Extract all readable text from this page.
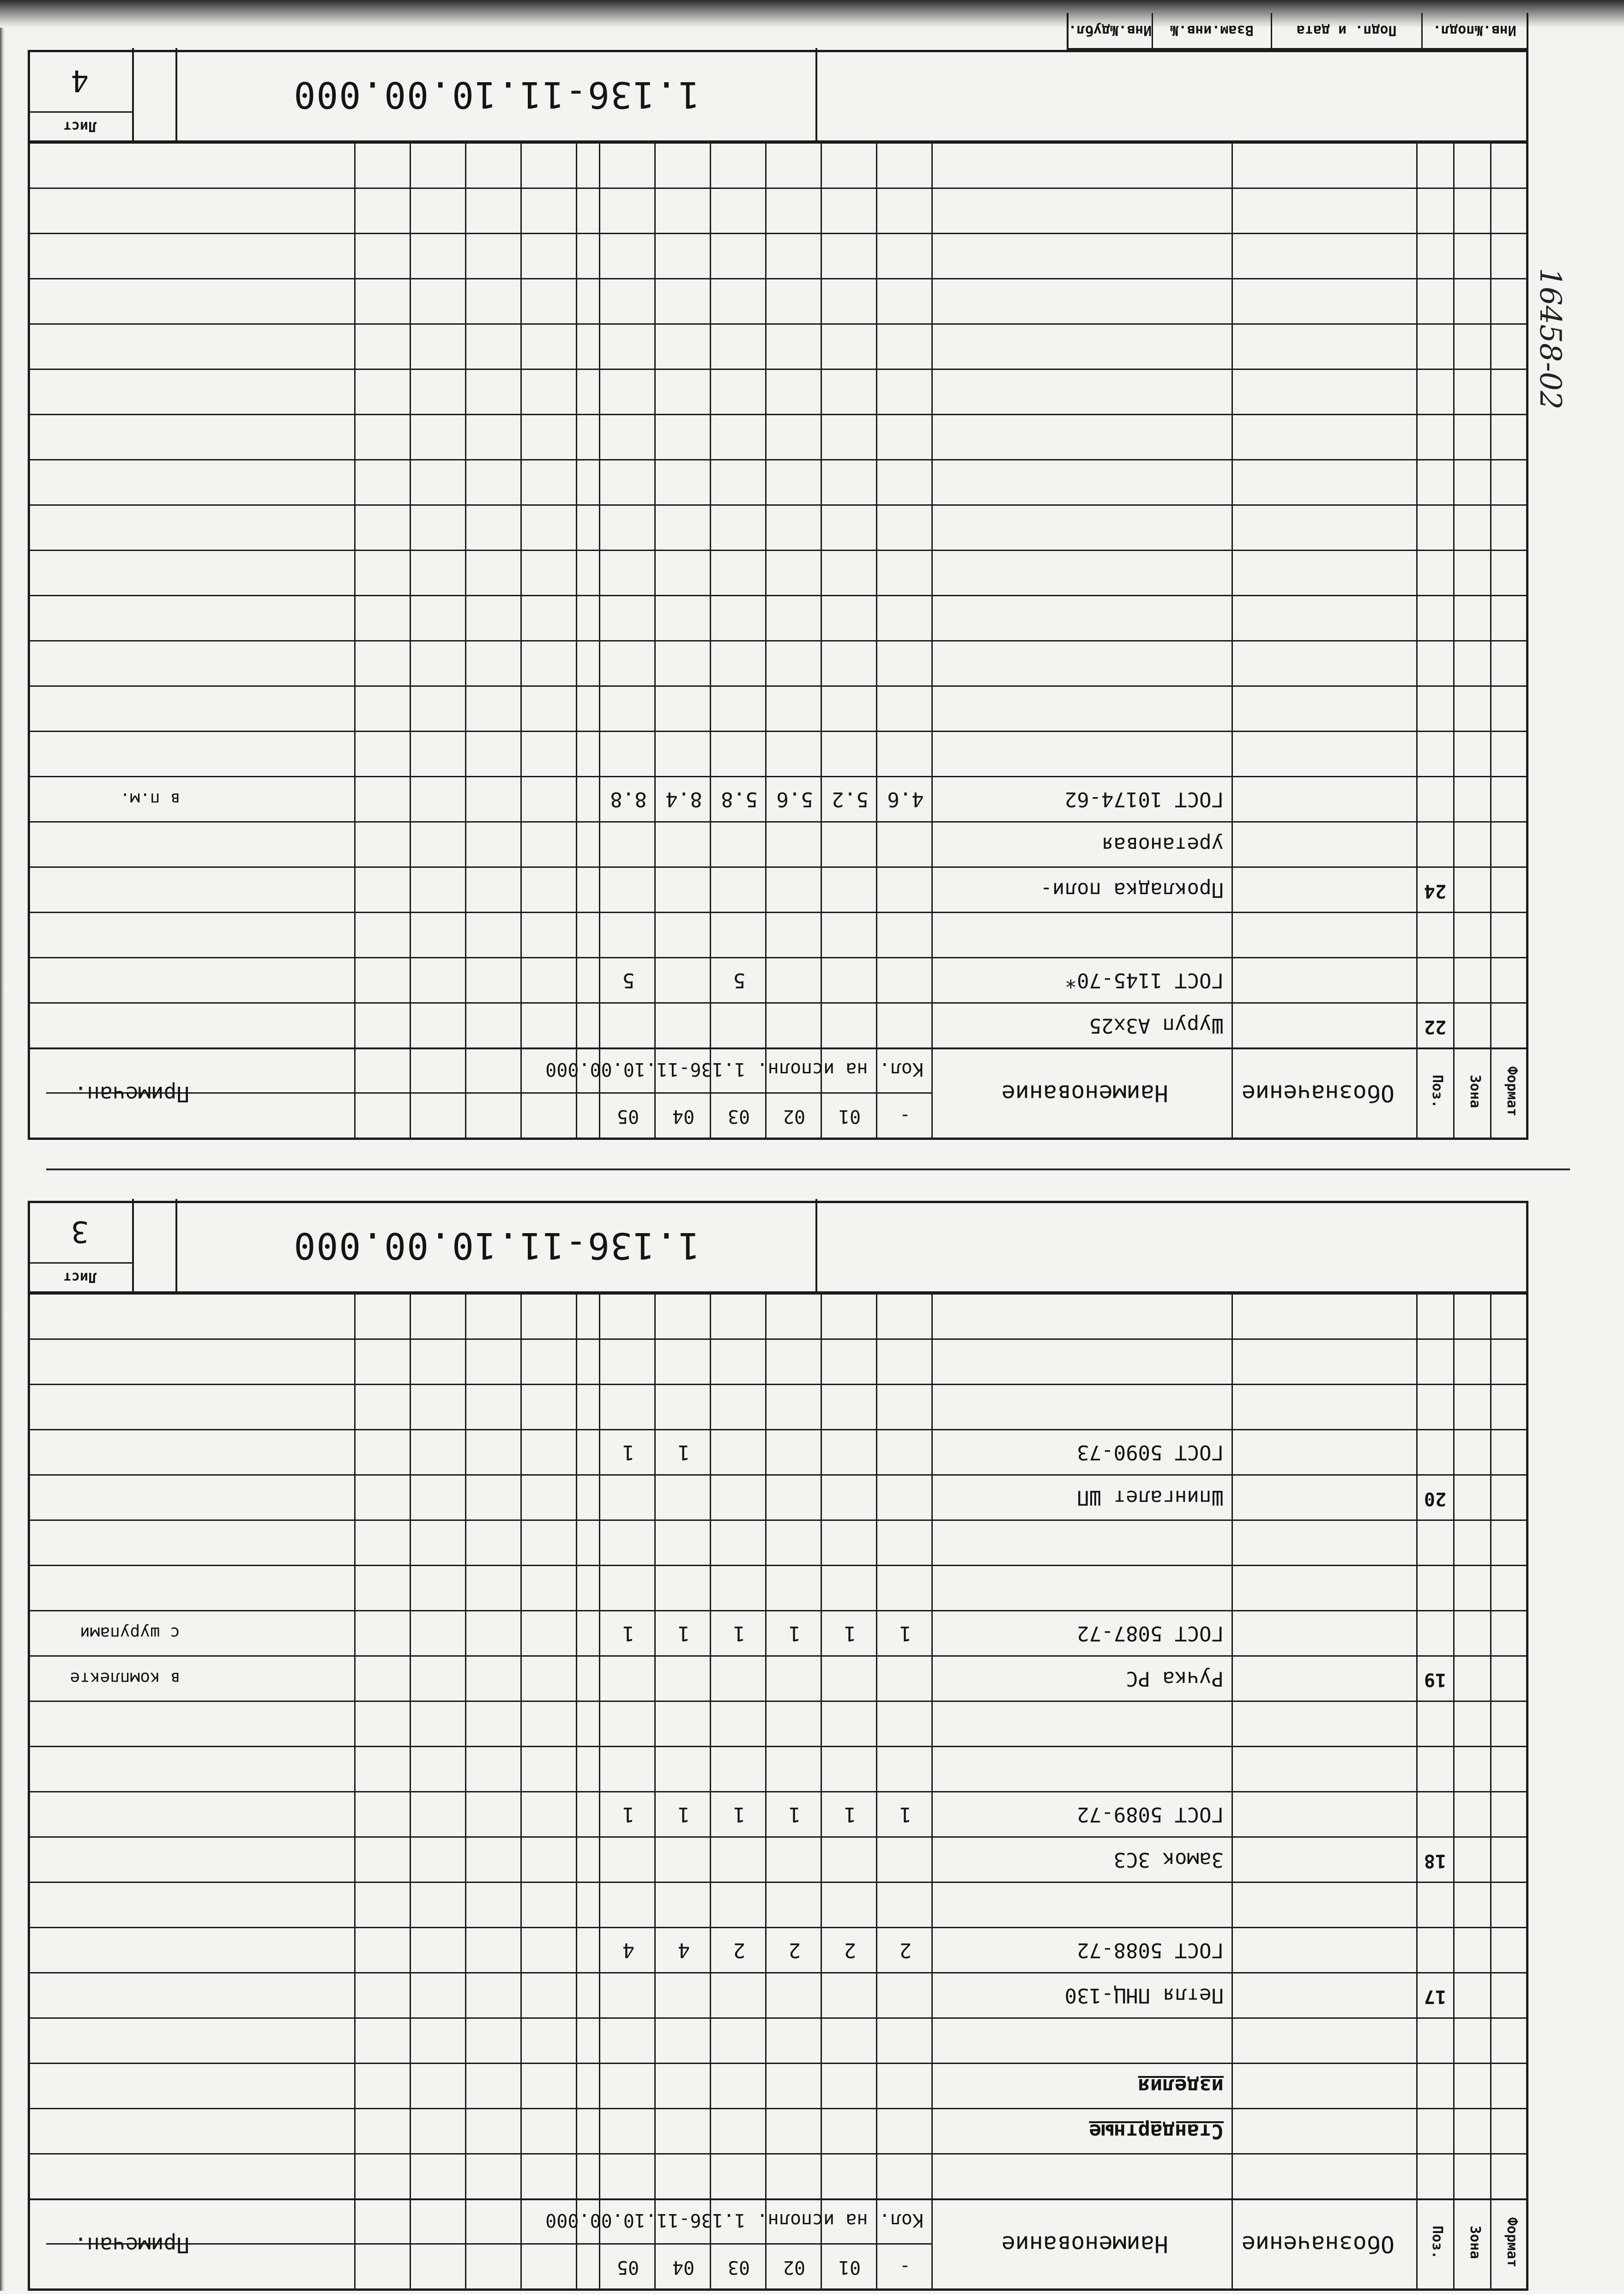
16458-02
Формат
Зона
Поз.
Обозначение
Наименование
Кол. на исполн. 1.136-11.10.00.000
-
01
02
03
04
05
Примечан.
22
Шуруп А3х25
ГОСТ 1145-70*
5
5
24
Прокладка поли-
уретановая
ГОСТ 10174-62
4.6
5.2
5.6
5.8
8.4
8.8
в п.м.
1.136-11.10.00.000
Лист
4
Инв.№подл.
Подп. и дата
Взам.инв.№
Инв.№дубл.
Формат
Зона
Поз.
Обозначение
Наименование
Кол. на исполн. 1.136-11.10.00.000
-
01
02
03
04
05
Примечан.
Стандартные
изделия
17
Петля ПНЦ-130
ГОСТ 5088-72
2
2
2
2
4
4
18
Замок ЗС3
ГОСТ 5089-72
1
1
1
1
1
1
19
Ручка РС
в комплекте
ГОСТ 5087-72
1
1
1
1
1
1
с шурупами
20
Шпингалет ШП
ГОСТ 5090-73
1
1
1.136-11.10.00.000
Лист
3
